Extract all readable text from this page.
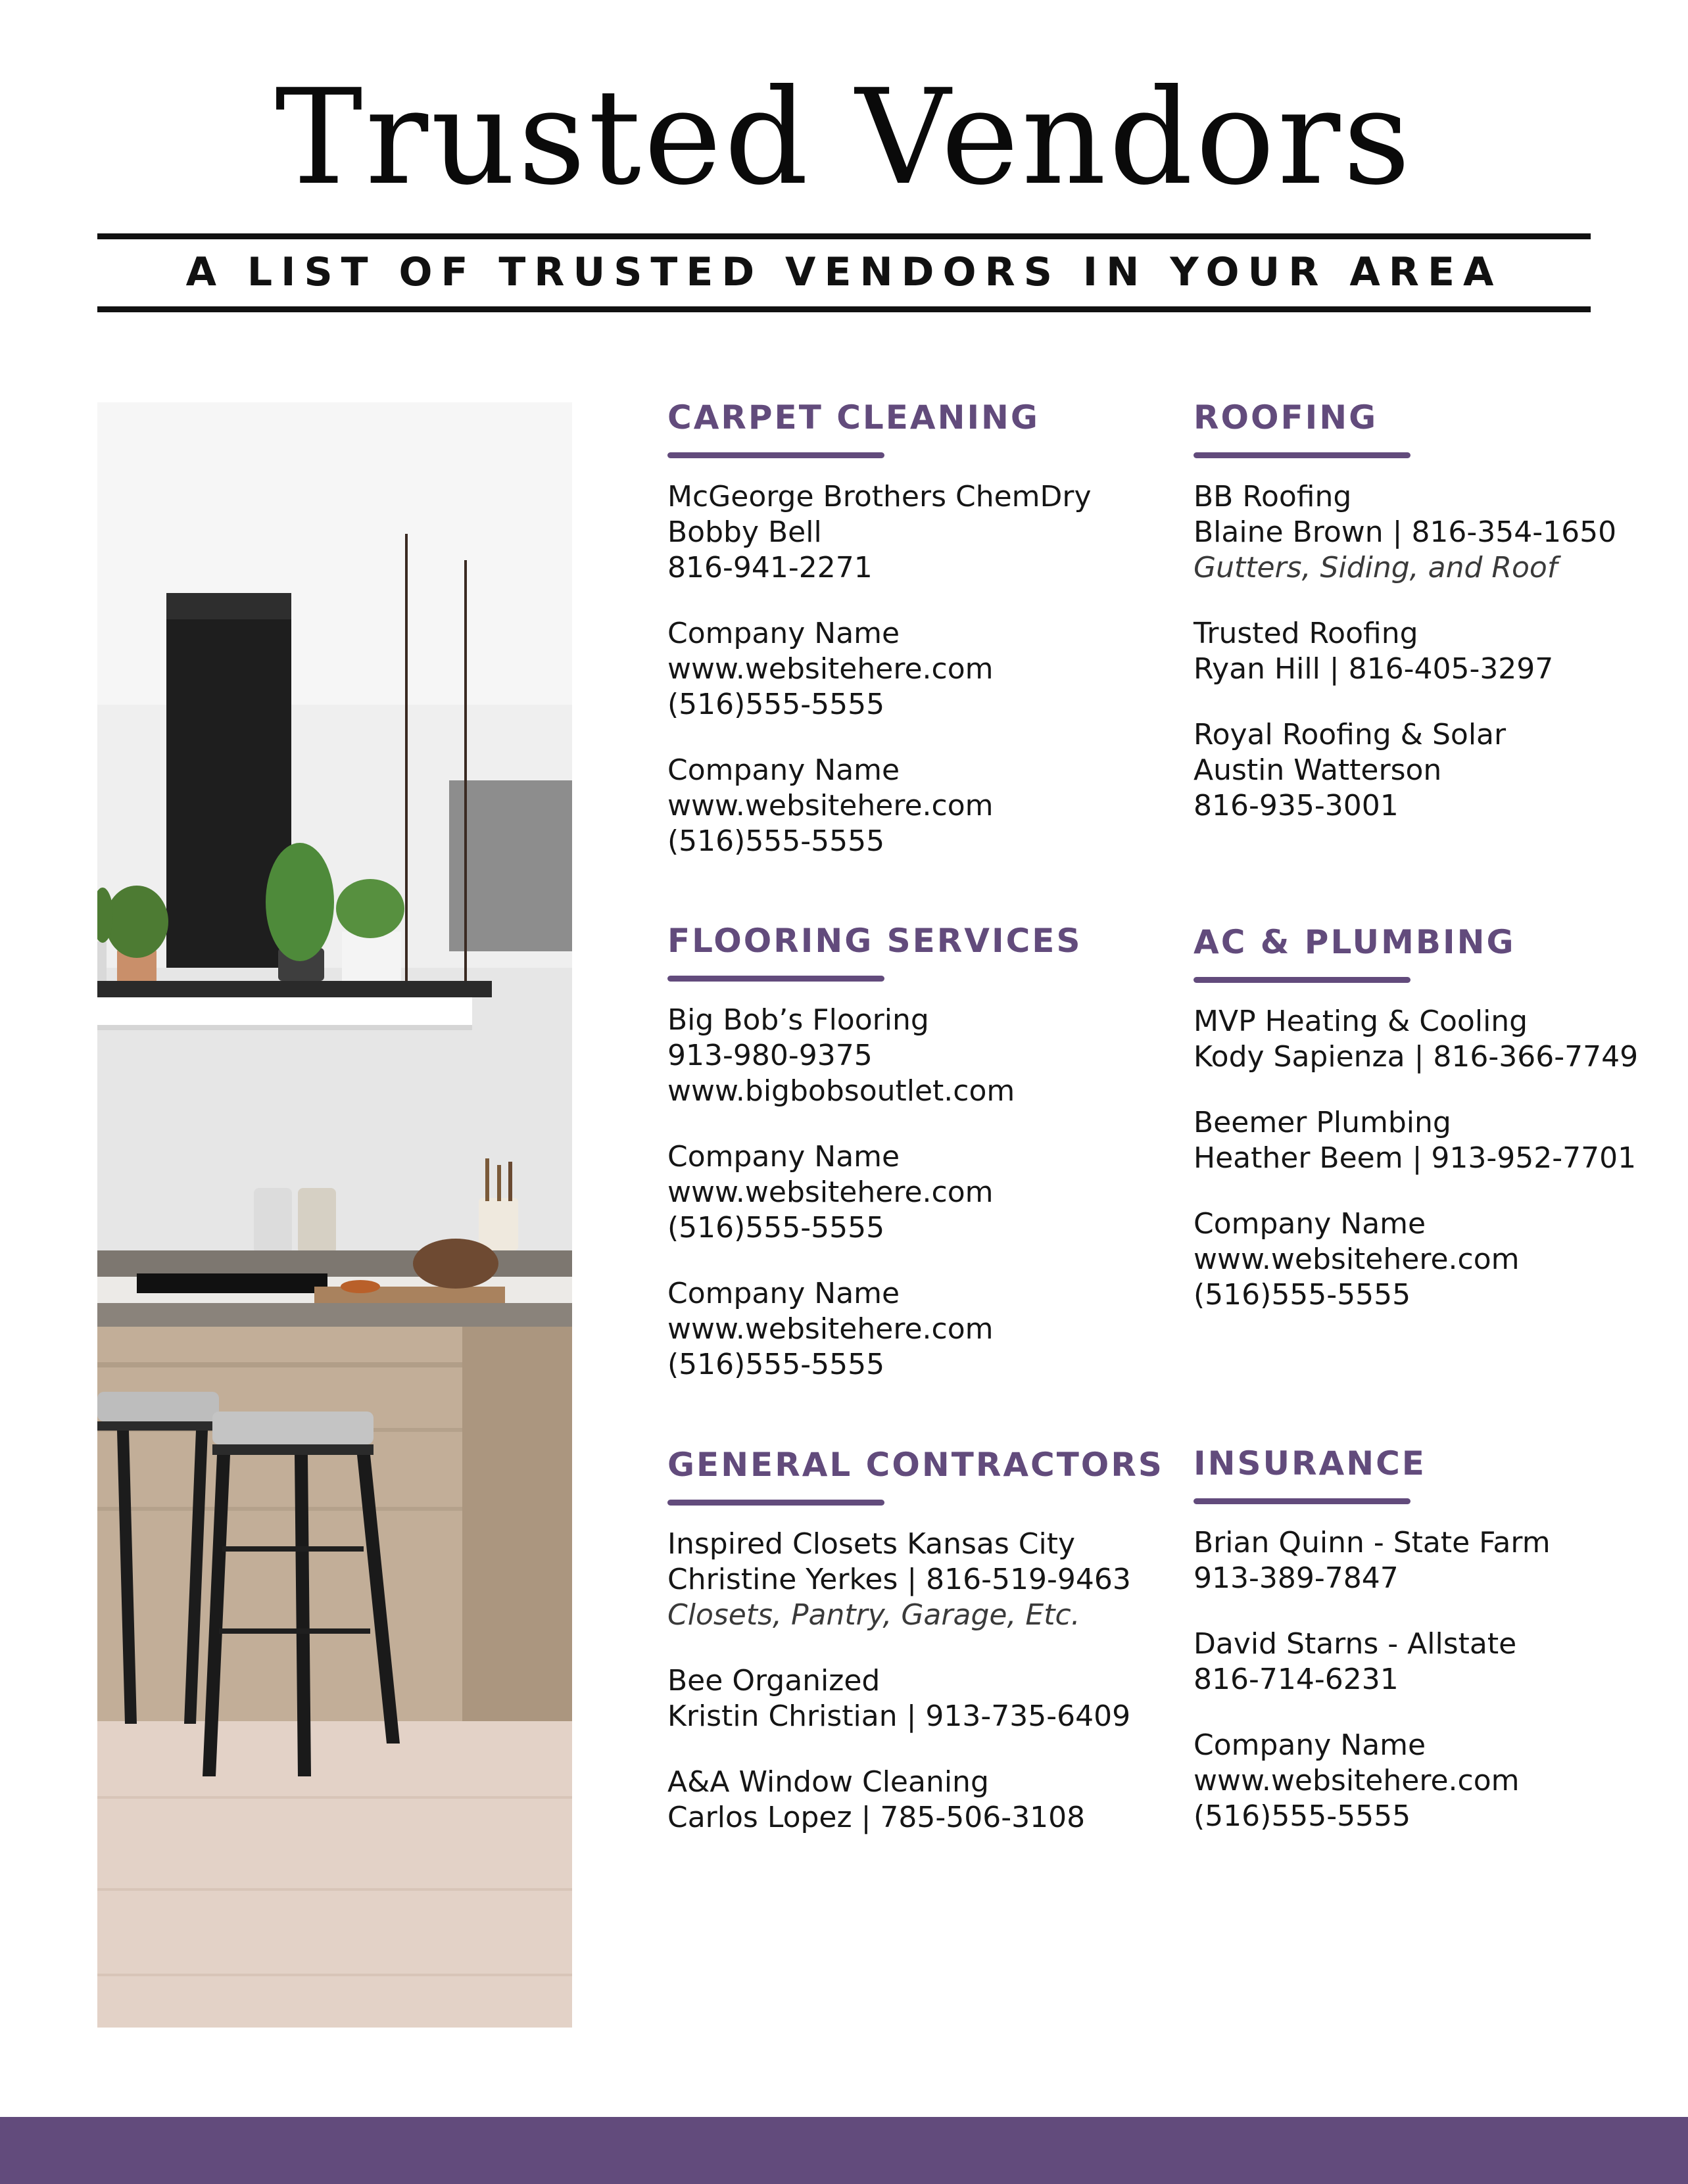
Trusted Vendors
A LIST OF TRUSTED VENDORS IN YOUR AREA
CARPET CLEANING
McGeorge Brothers ChemDry
Bobby Bell
816-941-2271
Company Name
www.websitehere.com
(516)555-5555
Company Name
www.websitehere.com
(516)555-5555
ROOFING
BB Roofing
Blaine Brown | 816-354-1650
Gutters, Siding, and Roof
Trusted Roofing
Ryan Hill | 816-405-3297
Royal Roofing & Solar
Austin Watterson
816-935-3001
FLOORING SERVICES
Big Bob’s Flooring
913-980-9375
www.bigbobsoutlet.com
Company Name
www.websitehere.com
(516)555-5555
Company Name
www.websitehere.com
(516)555-5555
AC & PLUMBING
MVP Heating & Cooling
Kody Sapienza | 816-366-7749
Beemer Plumbing
Heather Beem | 913-952-7701
Company Name
www.websitehere.com
(516)555-5555
GENERAL CONTRACTORS
Inspired Closets Kansas City
Christine Yerkes | 816-519-9463
Closets, Pantry, Garage, Etc.
Bee Organized
Kristin Christian | 913-735-6409
A&A Window Cleaning
Carlos Lopez | 785-506-3108
INSURANCE
Brian Quinn - State Farm
913-389-7847
David Starns - Allstate
816-714-6231
Company Name
www.websitehere.com
(516)555-5555
